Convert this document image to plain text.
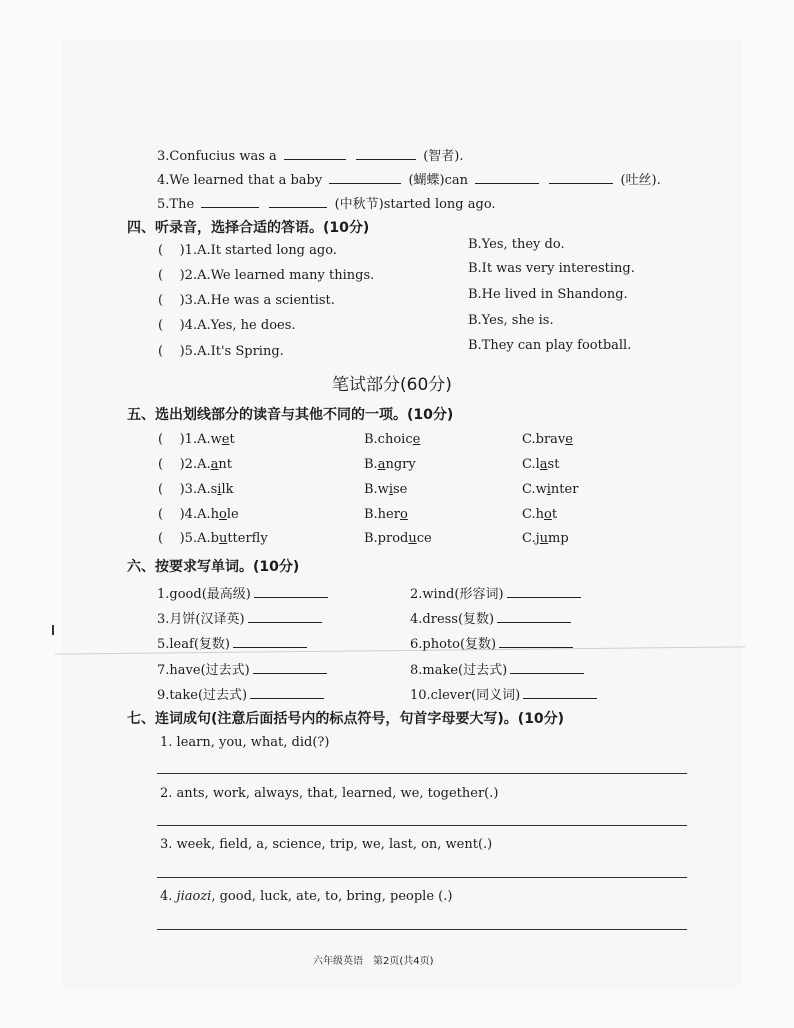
3.Confucius was a	(智者).
4.We learned that a baby	(蝴蝶)can	(吐丝).
5.The	(中秋节)started long ago.
四、听录音，选择合适的答语。(10分)
(    )1.A.It started long ago.	B.Yes, they do.
(    )2.A.We learned many things.	B.It was very interesting.
(    )3.A.He was a scientist.	B.He lived in Shandong.
(    )4.A.Yes, he does.	B.Yes, she is.
(    )5.A.It's Spring.	B.They can play football.
笔试部分(60分)
五、选出划线部分的读音与其他不同的一项。(10分)
(    )1.A.wet	B.choice	C.brave
(    )2.A.ant	B.angry	C.last
(    )3.A.silk	B.wise	C.winter
(    )4.A.hole	B.hero	C.hot
(    )5.A.butterfly	B.produce	C.jump
六、按要求写单词。(10分)
1.good(最高级)	2.wind(形容词)
3.月饼(汉译英)	4.dress(复数)
5.leaf(复数)	6.photo(复数)
7.have(过去式)	8.make(过去式)
9.take(过去式)	10.clever(同义词)
七、连词成句(注意后面括号内的标点符号，句首字母要大写)。(10分)
1. learn, you, what, did(?)
2. ants, work, always, that, learned, we, together(.)
3. week, field, a, science, trip, we, last, on, went(.)
4. jiaozi, good, luck, ate, to, bring, people (.)
六年级英语　第2页(共4页)
